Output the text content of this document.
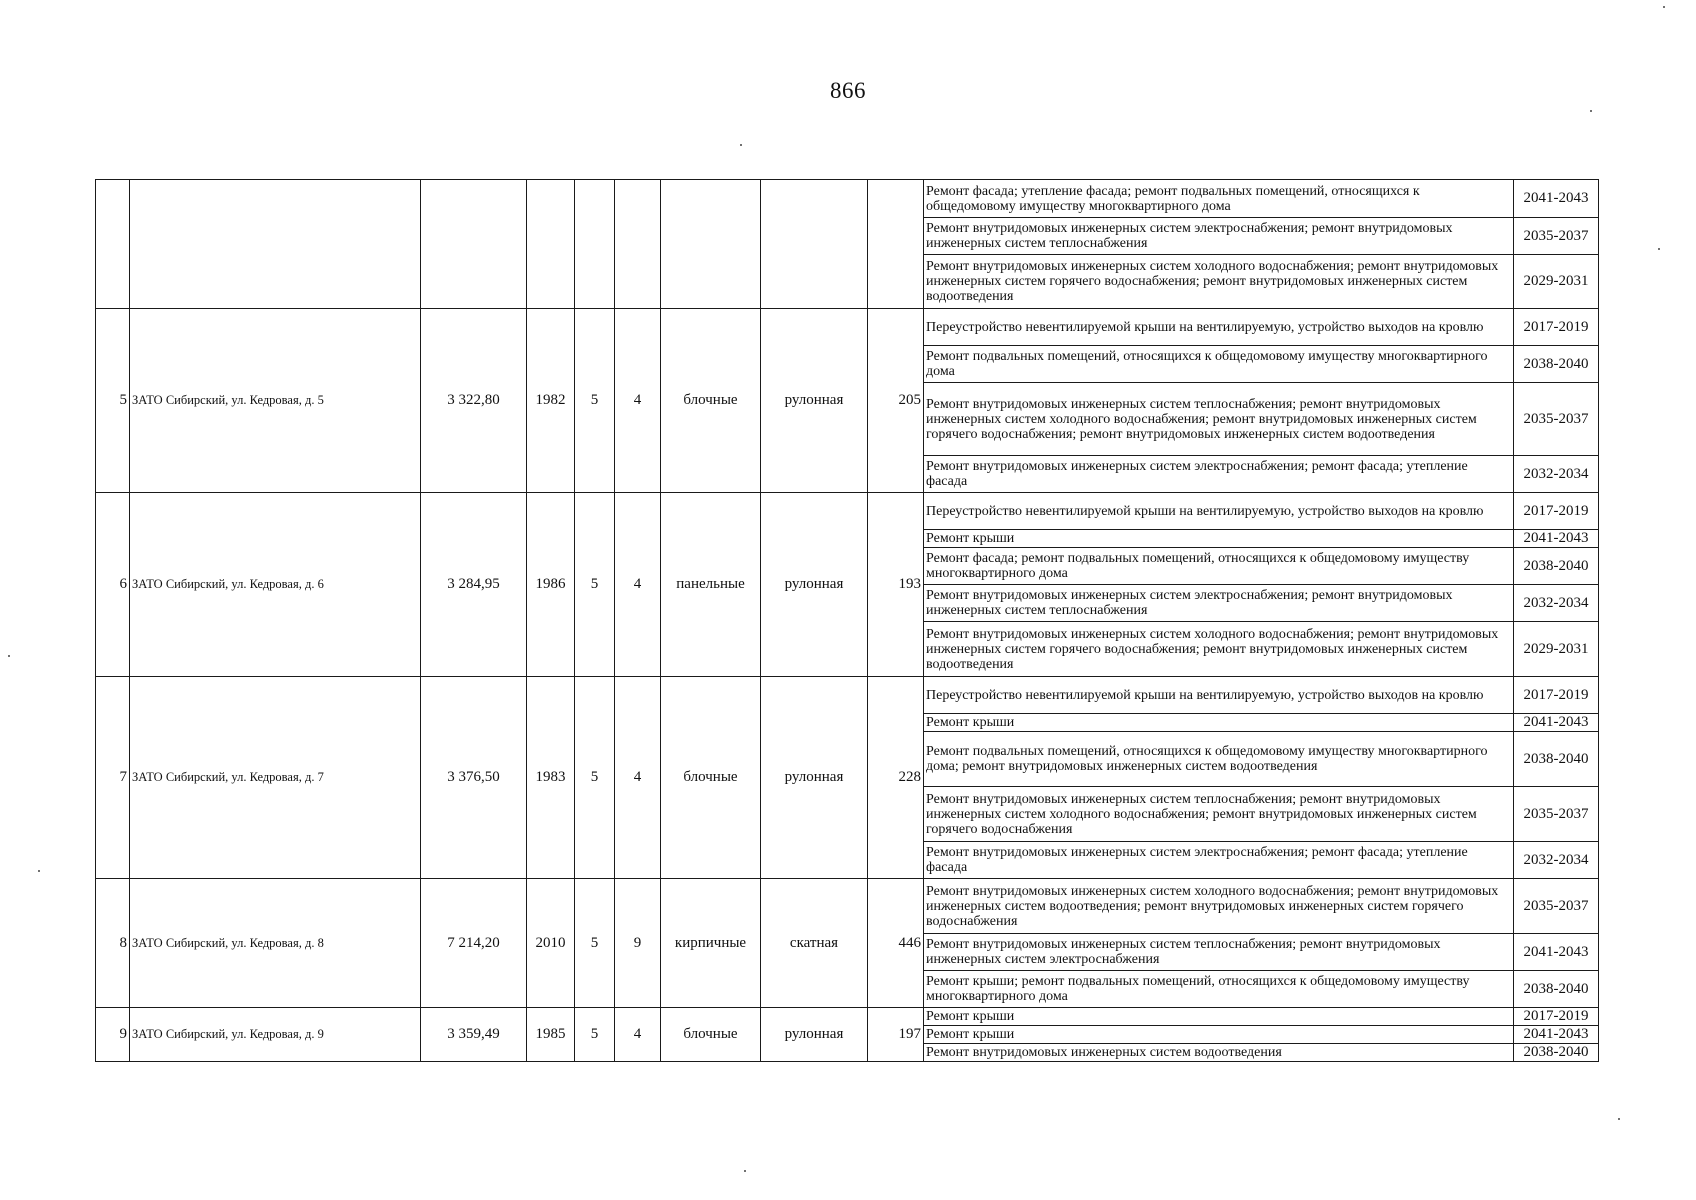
866
									Ремонт фасада; утепление фасада; ремонт подвальных помещений, относящихся к общедомовому имуществу многоквартирного дома	2041-2043
									Ремонт внутридомовых инженерных систем электроснабжения; ремонт внутридомовых инженерных систем теплоснабжения	2035-2037
									Ремонт внутридомовых инженерных систем холодного водоснабжения; ремонт внутридомовых инженерных систем горячего водоснабжения; ремонт внутридомовых инженерных систем водоотведения	2029-2031
5	ЗАТО Сибирский, ул. Кедровая, д. 5	3 322,80	1982	5	4	блочные	рулонная	205	Переустройство невентилируемой крыши на вентилируемую, устройство выходов на кровлю	2017-2019
									Ремонт подвальных помещений, относящихся к общедомовому имуществу многоквартирного дома	2038-2040
									Ремонт внутридомовых инженерных систем теплоснабжения; ремонт внутридомовых инженерных систем холодного водоснабжения; ремонт внутридомовых инженерных систем горячего водоснабжения; ремонт внутридомовых инженерных систем водоотведения	2035-2037
									Ремонт внутридомовых инженерных систем электроснабжения; ремонт фасада; утепление фасада	2032-2034
6	ЗАТО Сибирский, ул. Кедровая, д. 6	3 284,95	1986	5	4	панельные	рулонная	193	Переустройство невентилируемой крыши на вентилируемую, устройство выходов на кровлю	2017-2019
									Ремонт крыши	2041-2043
									Ремонт фасада; ремонт подвальных помещений, относящихся к общедомовому имуществу многоквартирного дома	2038-2040
									Ремонт внутридомовых инженерных систем электроснабжения; ремонт внутридомовых инженерных систем теплоснабжения	2032-2034
									Ремонт внутридомовых инженерных систем холодного водоснабжения; ремонт внутридомовых инженерных систем горячего водоснабжения; ремонт внутридомовых инженерных систем водоотведения	2029-2031
7	ЗАТО Сибирский, ул. Кедровая, д. 7	3 376,50	1983	5	4	блочные	рулонная	228	Переустройство невентилируемой крыши на вентилируемую, устройство выходов на кровлю	2017-2019
									Ремонт крыши	2041-2043
									Ремонт подвальных помещений, относящихся к общедомовому имуществу многоквартирного дома; ремонт внутридомовых инженерных систем водоотведения	2038-2040
									Ремонт внутридомовых инженерных систем теплоснабжения; ремонт внутридомовых инженерных систем холодного водоснабжения; ремонт внутридомовых инженерных систем горячего водоснабжения	2035-2037
									Ремонт внутридомовых инженерных систем электроснабжения; ремонт фасада; утепление фасада	2032-2034
8	ЗАТО Сибирский, ул. Кедровая, д. 8	7 214,20	2010	5	9	кирпичные	скатная	446	Ремонт внутридомовых инженерных систем холодного водоснабжения; ремонт внутридомовых инженерных систем водоотведения; ремонт внутридомовых инженерных систем горячего водоснабжения	2035-2037
									Ремонт внутридомовых инженерных систем теплоснабжения; ремонт внутридомовых инженерных систем электроснабжения	2041-2043
									Ремонт крыши; ремонт подвальных помещений, относящихся к общедомовому имуществу многоквартирного дома	2038-2040
9	ЗАТО Сибирский, ул. Кедровая, д. 9	3 359,49	1985	5	4	блочные	рулонная	197	Ремонт крыши	2017-2019
									Ремонт крыши	2041-2043
									Ремонт внутридомовых инженерных систем водоотведения	2038-2040
